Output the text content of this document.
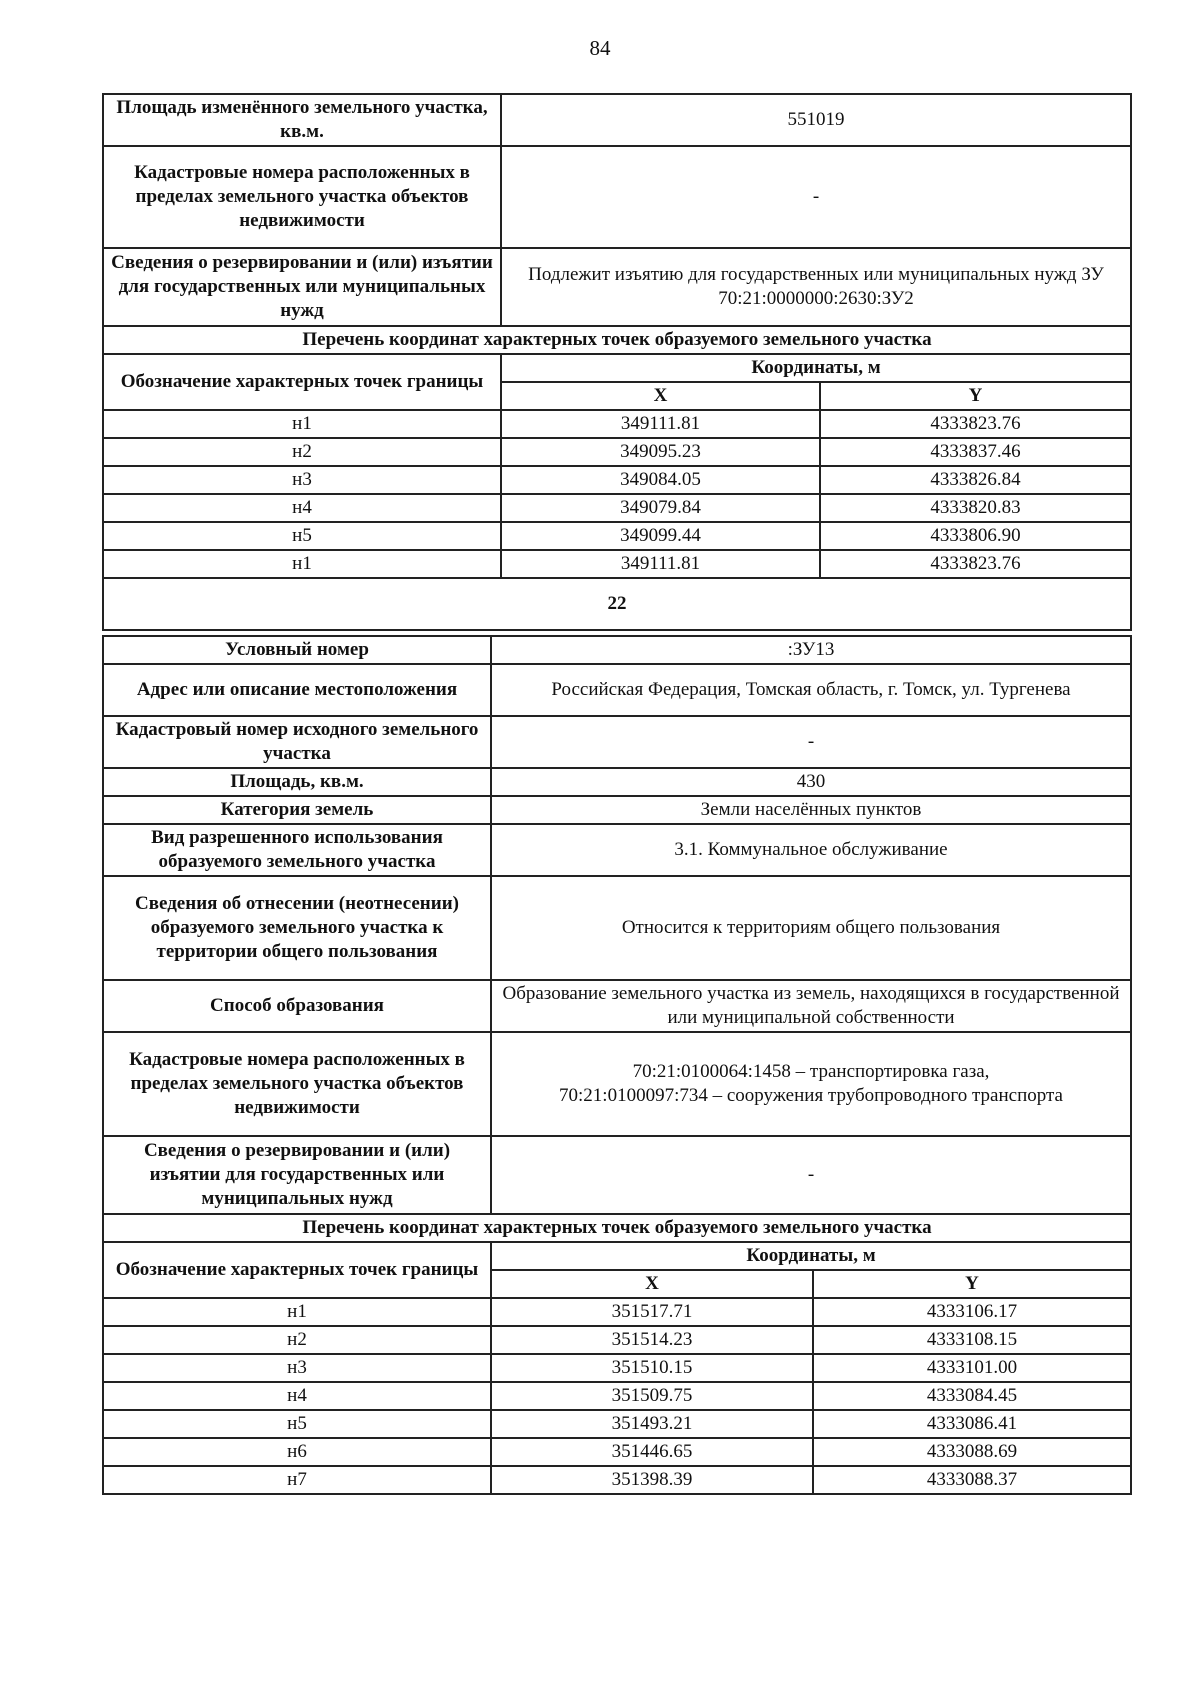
84
Площадь изменённого земельного участка, кв.м.	551019	
Кадастровые номера расположенных в пределах земельного участка объектов недвижимости	-	
Сведения о резервировании и (или) изъятии для государственных или муниципальных нужд	Подлежит изъятию для государственных или муниципальных нужд ЗУ 70:21:0000000:2630:ЗУ2	
Перечень координат характерных точек образуемого земельного участка		
Обозначение характерных точек границы	Координаты, м	
	X	Y
н1	349111.81	4333823.76
н2	349095.23	4333837.46
н3	349084.05	4333826.84
н4	349079.84	4333820.83
н5	349099.44	4333806.90
н1	349111.81	4333823.76
22		
Условный номер	:ЗУ13	
Адрес или описание местоположения	Российская Федерация, Томская область, г. Томск, ул. Тургенева	
Кадастровый номер исходного земельного участка	-	
Площадь, кв.м.	430	
Категория земель	Земли населённых пунктов	
Вид разрешенного использования образуемого земельного участка	3.1. Коммунальное обслуживание	
Сведения об отнесении (неотнесении) образуемого земельного участка к территории общего пользования	Относится к территориям общего пользования	
Способ образования	Образование земельного участка из земель, находящихся в государственной или муниципальной собственности	
Кадастровые номера расположенных в пределах земельного участка объектов недвижимости	70:21:0100064:1458 – транспортировка газа,
70:21:0100097:734 – сооружения трубопроводного транспорта	

Сведения о резервировании и (или) изъятии для государственных или муниципальных нужд	-	
Перечень координат характерных точек образуемого земельного участка		
Обозначение характерных точек границы	Координаты, м	
	X	Y
н1	351517.71	4333106.17
н2	351514.23	4333108.15
н3	351510.15	4333101.00
н4	351509.75	4333084.45
н5	351493.21	4333086.41
н6	351446.65	4333088.69
н7	351398.39	4333088.37
